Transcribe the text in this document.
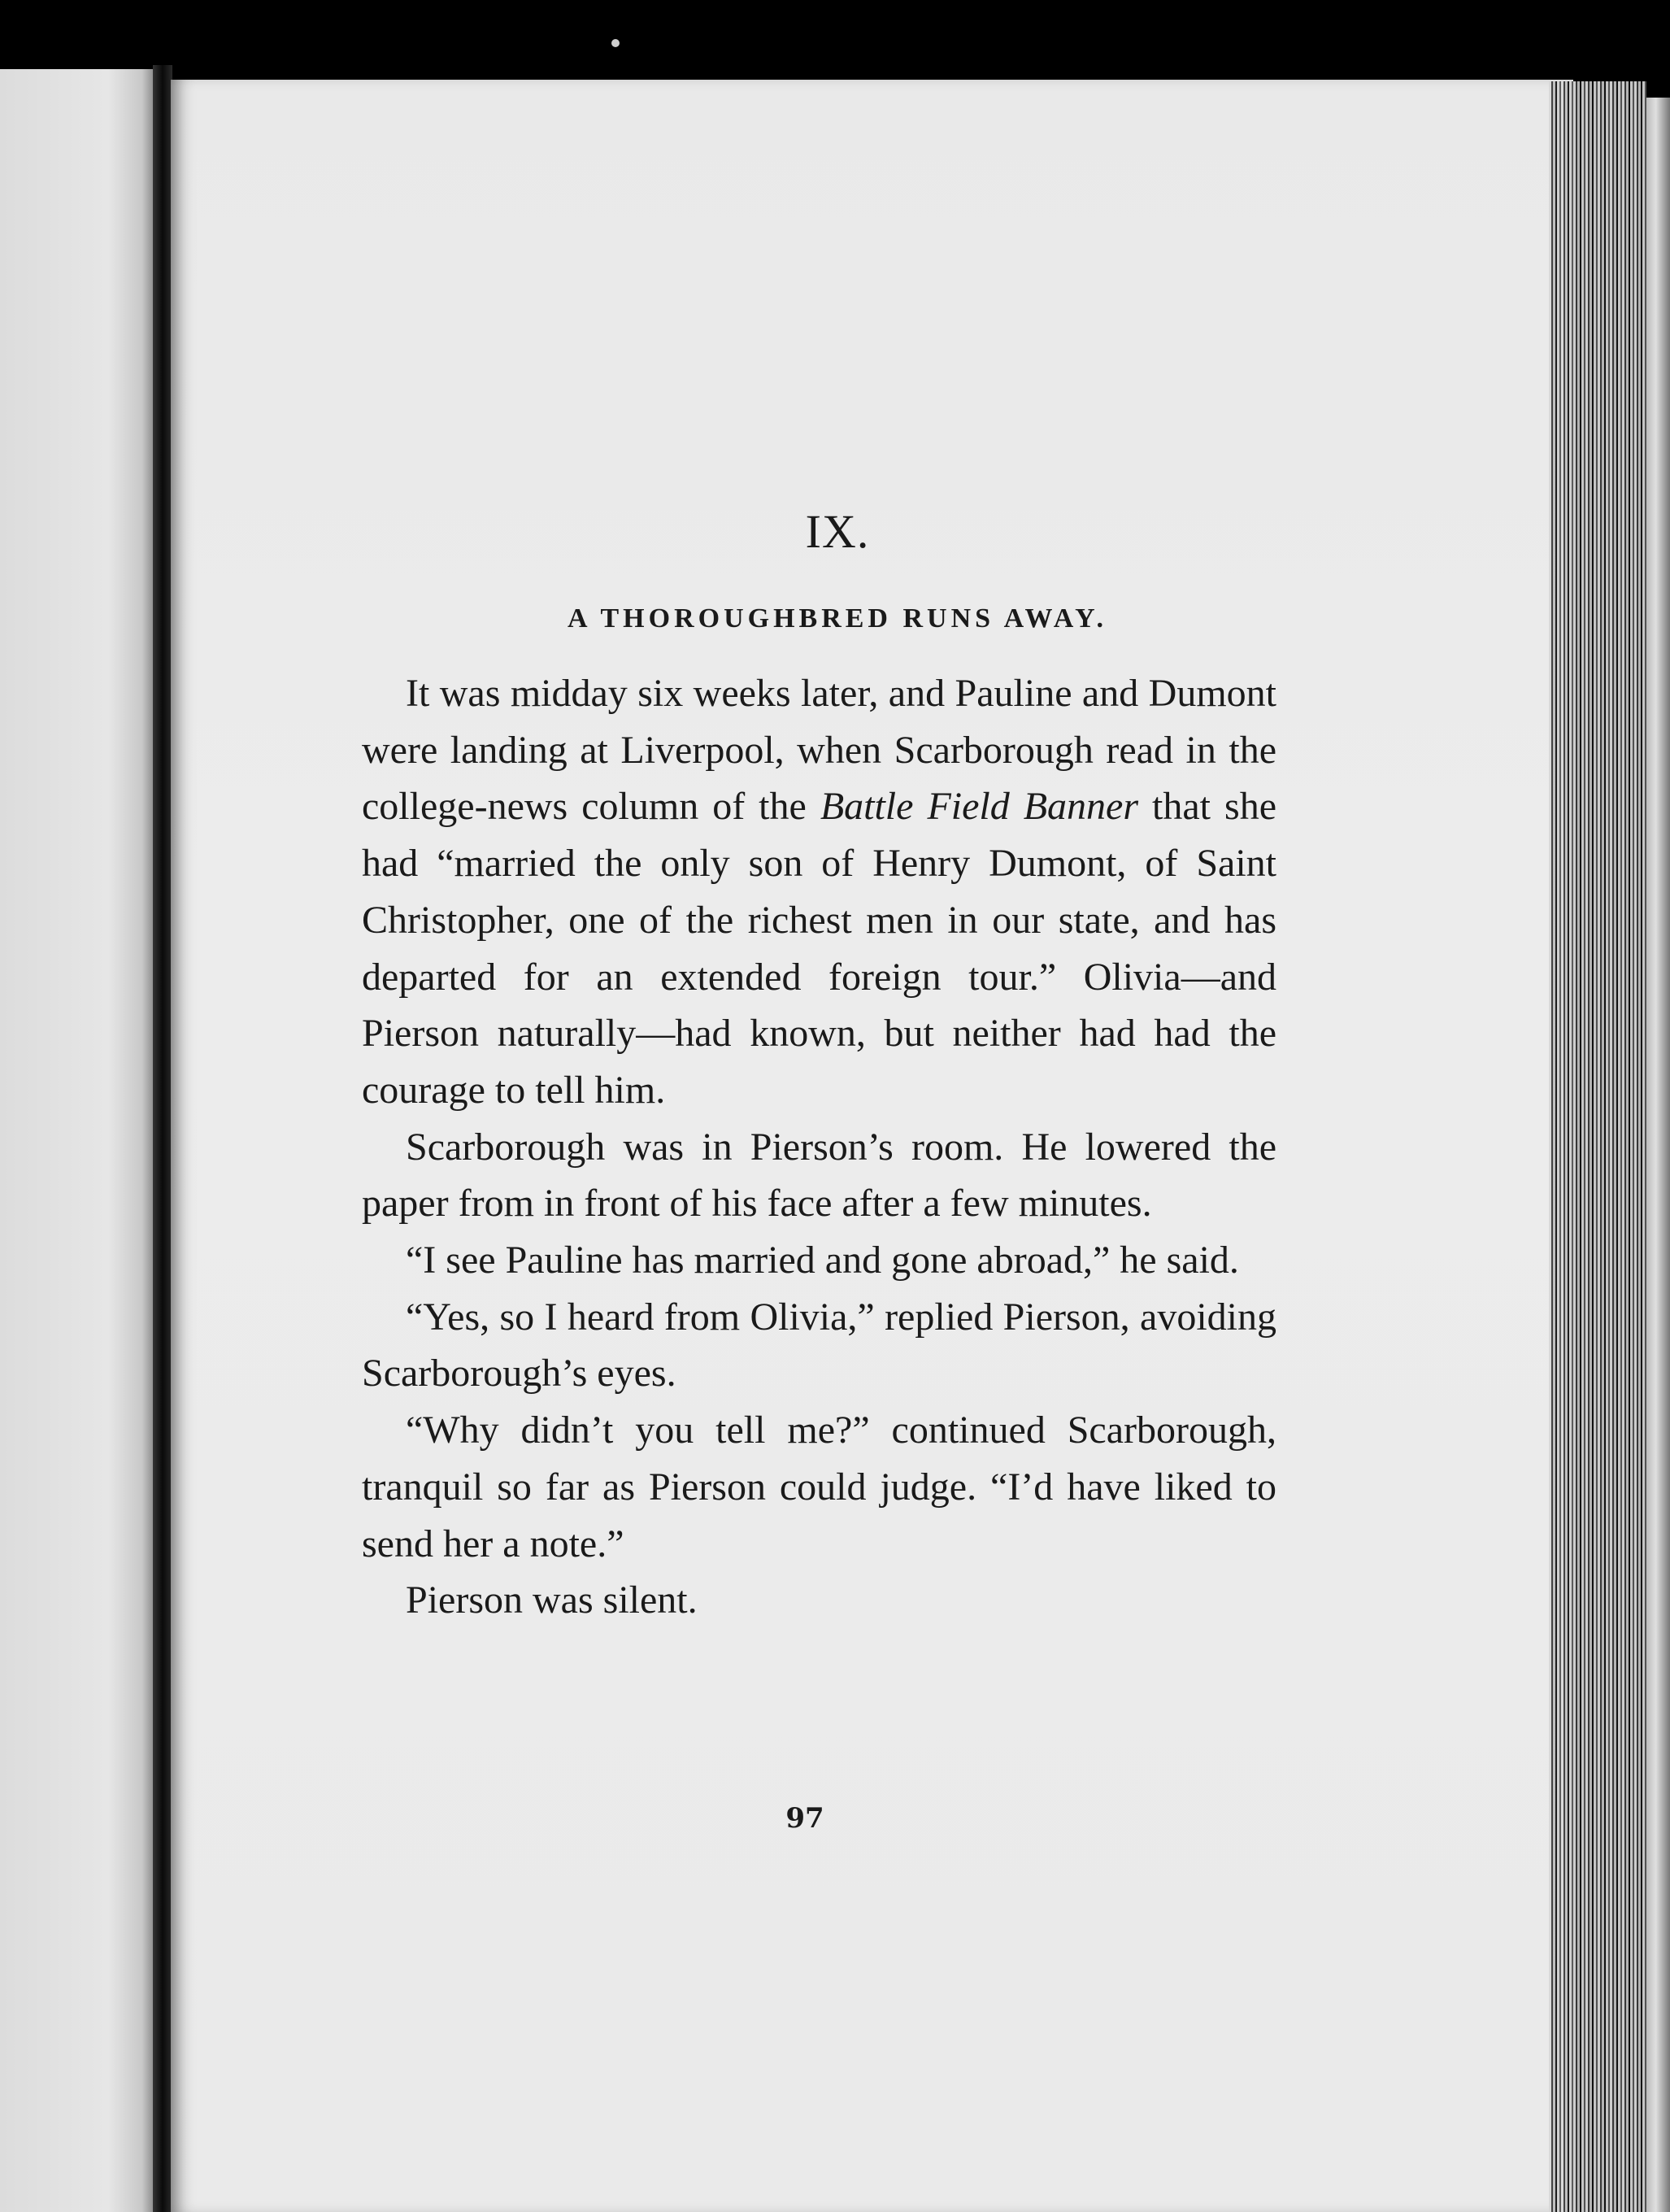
IX.
A THOROUGHBRED RUNS AWAY.

It was midday six weeks later, and Pauline and Dumont were landing at Liverpool, when Scarborough read in the college-news column of the Battle Field Banner that she had “married the only son of Henry Dumont, of Saint Christopher, one of the richest men in our state, and has departed for an extended foreign tour.” Olivia—and Pierson naturally—had known, but neither had had the courage to tell him.

Scarborough was in Pierson’s room. He lowered the paper from in front of his face after a few minutes.

“I see Pauline has married and gone abroad,” he said.

“Yes, so I heard from Olivia,” replied Pierson, avoiding Scarborough’s eyes.

“Why didn’t you tell me?” continued Scarborough, tranquil so far as Pierson could judge. “I’d have liked to send her a note.”

Pierson was silent.

97
